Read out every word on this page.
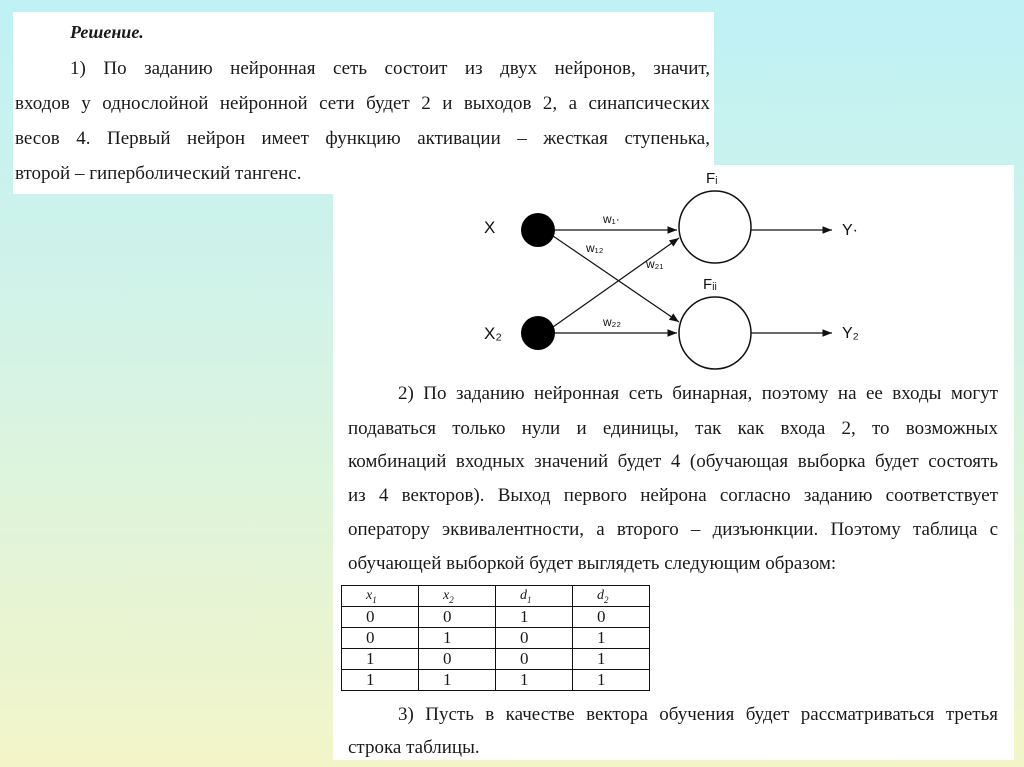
Решение.
1) По заданию нейронная сеть состоит из двух нейронов, значит,
входов у однослойной нейронной сети будет 2 и выходов 2, а синапсических
весов 4. Первый нейрон имеет функцию активации – жесткая ступенька,
второй – гиперболический тангенс.
X
X₂
Fᵢ
Fᵢᵢ
Y·
Y₂
w₁·
w₁₂
w₂₁
w₂₂
2) По заданию нейронная сеть бинарная, поэтому на ее входы могут
подаваться только нули и единицы, так как входа 2, то возможных
комбинаций входных значений будет 4 (обучающая выборка будет состоять
из 4 векторов). Выход первого нейрона согласно заданию соответствует
оператору эквивалентности, а второго – дизъюнкции. Поэтому таблица с
обучающей выборкой будет выглядеть следующим образом:
$x_1$	$x_2$	$d_1$	$d_2$
0	0	1	0
0	1	0	1
1	0	0	1
1	1	1	1
3) Пусть в качестве вектора обучения будет рассматриваться третья
строка таблицы.
